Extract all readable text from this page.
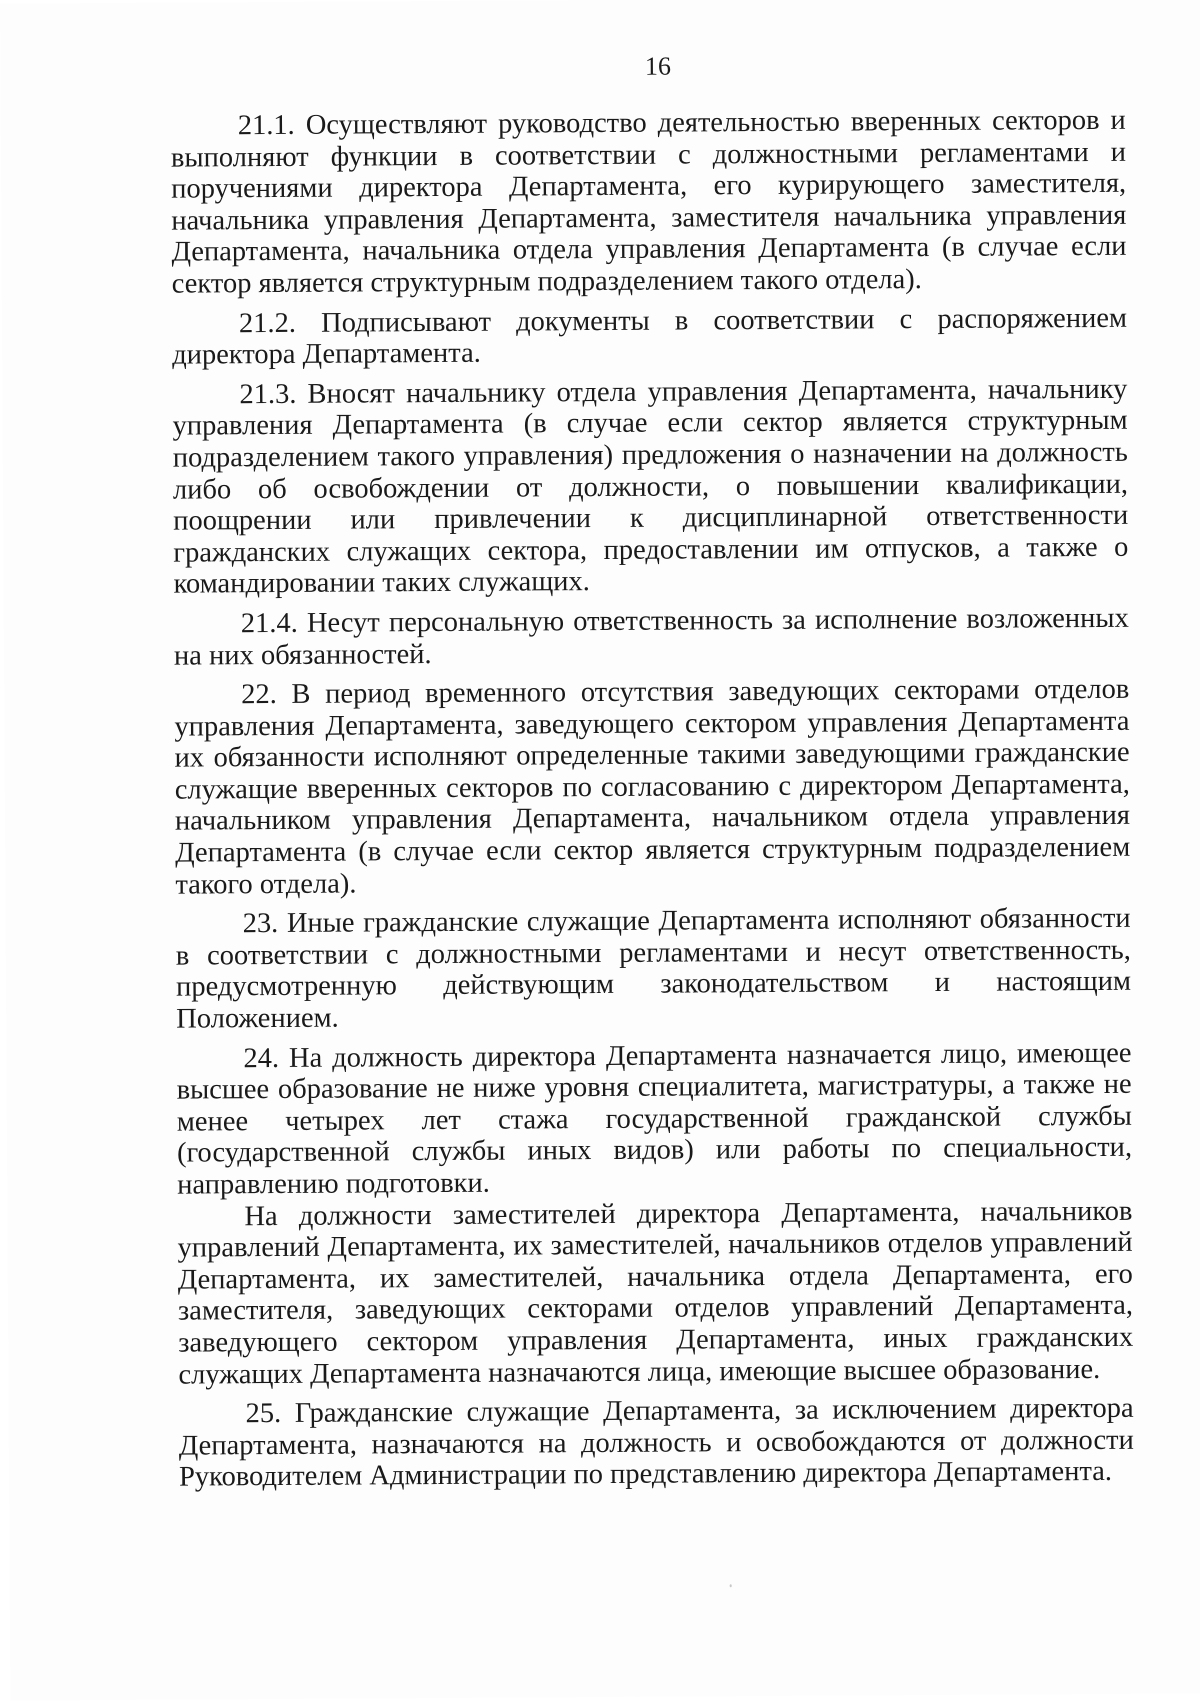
16

21.1. Осуществляют руководство деятельностью вверенных секторов и выполняют функции в соответствии с должностными регламентами и поручениями директора Департамента, его курирующего заместителя, начальника управления Департамента, заместителя начальника управления Департамента, начальника отдела управления Департамента (в случае если сектор является структурным подразделением такого отдела).

21.2. Подписывают документы в соответствии с распоряжением директора Департамента.

21.3. Вносят начальнику отдела управления Департамента, начальнику управления Департамента (в случае если сектор является структурным подразделением такого управления) предложения о назначении на должность либо об освобождении от должности, о повышении квалификации, поощрении или привлечении к дисциплинарной ответственности гражданских служащих сектора, предоставлении им отпусков, а также о командировании таких служащих.

21.4. Несут персональную ответственность за исполнение возложенных на них обязанностей.

22. В период временного отсутствия заведующих секторами отделов управления Департамента, заведующего сектором управления Департамента их обязанности исполняют определенные такими заведующими гражданские служащие вверенных секторов по согласованию с директором Департамента, начальником управления Департамента, начальником отдела управления Департамента (в случае если сектор является структурным подразделением такого отдела).

23. Иные гражданские служащие Департамента исполняют обязанности в соответствии с должностными регламентами и несут ответственность, предусмотренную действующим законодательством и настоящим Положением.

24. На должность директора Департамента назначается лицо, имеющее высшее образование не ниже уровня специалитета, магистратуры, а также не менее четырех лет стажа государственной гражданской службы (государственной службы иных видов) или работы по специальности, направлению подготовки.

На должности заместителей директора Департамента, начальников управлений Департамента, их заместителей, начальников отделов управлений Департамента, их заместителей, начальника отдела Департамента, его заместителя, заведующих секторами отделов управлений Департамента, заведующего сектором управления Департамента, иных гражданских служащих Департамента назначаются лица, имеющие высшее образование.

25. Гражданские служащие Департамента, за исключением директора Департамента, назначаются на должность и освобождаются от должности Руководителем Администрации по представлению директора Департамента.
